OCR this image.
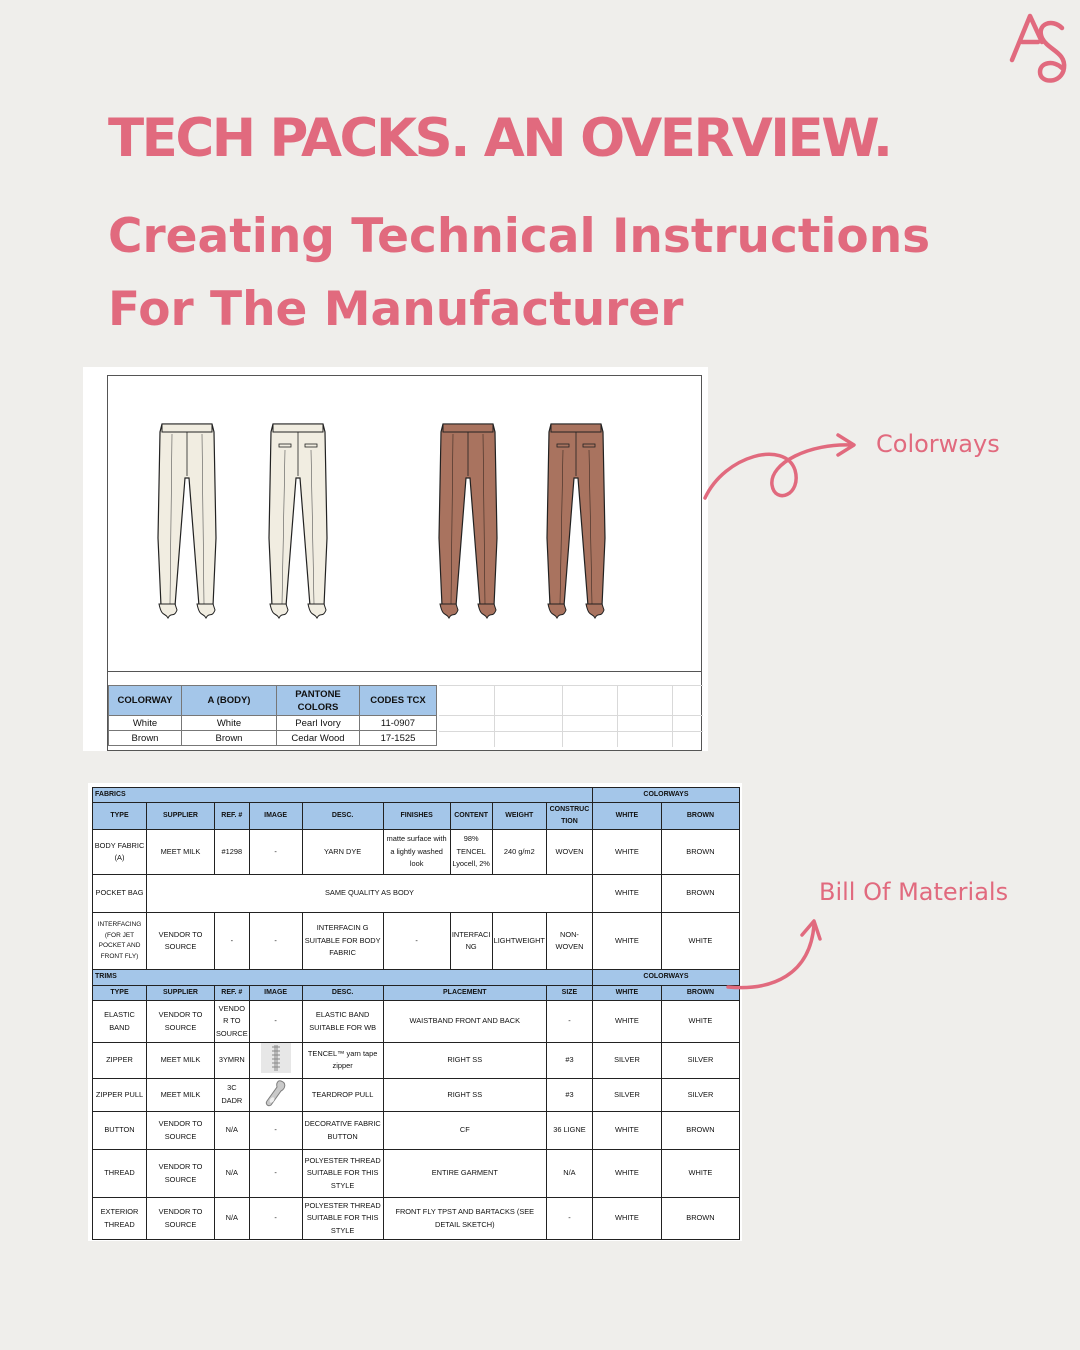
TECH PACKS. AN OVERVIEW.
Creating Technical Instructions
For The Manufacturer
COLORWAY	A (BODY)	PANTONE COLORS	CODES TCX
White	White	Pearl Ivory	11-0907
Brown	Brown	Cedar Wood	17-1525
Colorways
FABRICS									COLORWAYS	
TYPE	SUPPLIER	REF. #	IMAGE	DESC.	FINISHES	CONTENT	WEIGHT	CONSTRUC TION	WHITE	BROWN
BODY FABRIC (A)	MEET MILK	#1298	-	YARN DYE	matte surface with a lightly washed look	98% TENCEL Lyocell, 2%	240 g/m2	WOVEN	WHITE	BROWN
POCKET BAG	SAME QUALITY AS BODY								WHITE	BROWN
INTERFACING (FOR JET POCKET AND FRONT FLY)	VENDOR TO SOURCE	-	-	INTERFACIN G SUITABLE FOR BODY FABRIC	-	INTERFACI NG	LIGHTWEIGHT	NON-WOVEN	WHITE	WHITE
TRIMS									COLORWAYS	
TYPE	SUPPLIER	REF. #	IMAGE	DESC.	PLACEMENT			SIZE	WHITE	BROWN
ELASTIC BAND	VENDOR TO SOURCE	VENDO R TO SOURCE	-	ELASTIC BAND SUITABLE FOR WB	WAISTBAND FRONT AND BACK			-	WHITE	WHITE
ZIPPER	MEET MILK	3YMRN		TENCEL™ yarn tape zipper	RIGHT SS			#3	SILVER	SILVER
ZIPPER PULL	MEET MILK	3C DADR		TEARDROP PULL	RIGHT SS			#3	SILVER	SILVER
BUTTON	VENDOR TO SOURCE	N/A	-	DECORATIVE FABRIC BUTTON	CF			36 LIGNE	WHITE	BROWN
THREAD	VENDOR TO SOURCE	N/A	-	POLYESTER THREAD SUITABLE FOR THIS STYLE	ENTIRE GARMENT			N/A	WHITE	WHITE
EXTERIOR THREAD	VENDOR TO SOURCE	N/A	-	POLYESTER THREAD SUITABLE FOR THIS STYLE	FRONT FLY TPST AND BARTACKS (SEE DETAIL SKETCH)			-	WHITE	BROWN
Bill Of Materials
